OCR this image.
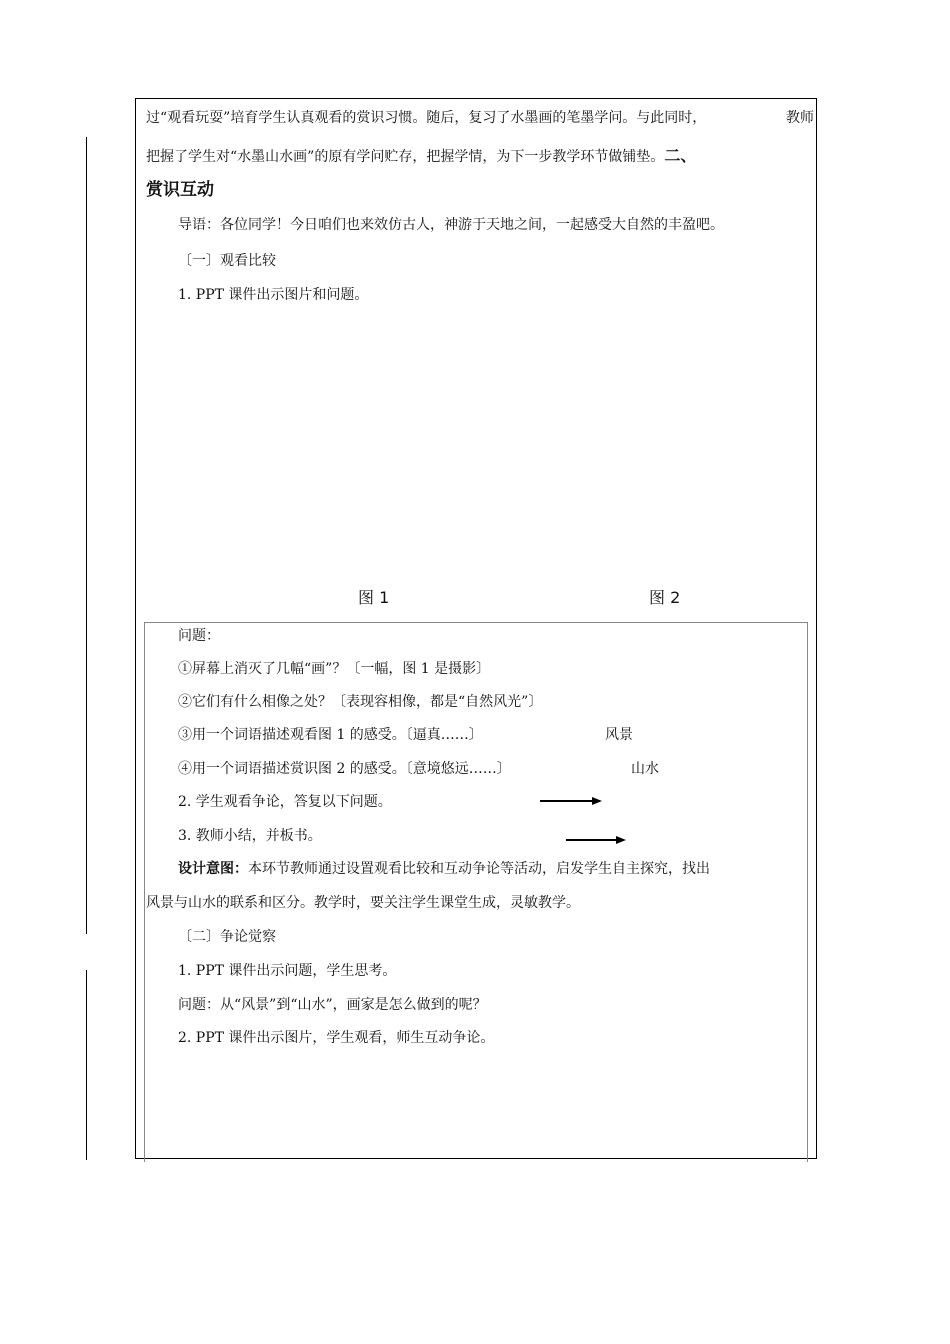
过“观看玩耍”培育学生认真观看的赏识习惯。随后，复习了水墨画的笔墨学问。与此同时，	教师
把握了学生对“水墨山水画”的原有学问贮存，把握学情，为下一步教学环节做铺垫。二、
赏识互动
导语：各位同学！今日咱们也来效仿古人，神游于天地之间，一起感受大自然的丰盈吧。
〔一〕观看比较
1. PPT 课件出示图片和问题。
图 1	图 2
问题：
①屏幕上消灭了几幅“画”？〔一幅，图 1 是摄影〕
②它们有什么相像之处？〔表现容相像，都是“自然风光”〕
③用一个词语描述观看图 1 的感受。〔逼真……〕	风景
④用一个词语描述赏识图 2 的感受。〔意境悠远……〕	山水
2. 学生观看争论，答复以下问题。
3. 教师小结，并板书。
设计意图：本环节教师通过设置观看比较和互动争论等活动，启发学生自主探究，找出
风景与山水的联系和区分。教学时，要关注学生课堂生成，灵敏教学。
〔二〕争论觉察
1. PPT 课件出示问题，学生思考。
问题：从“风景”到“山水”，画家是怎么做到的呢？
2. PPT 课件出示图片，学生观看，师生互动争论。
